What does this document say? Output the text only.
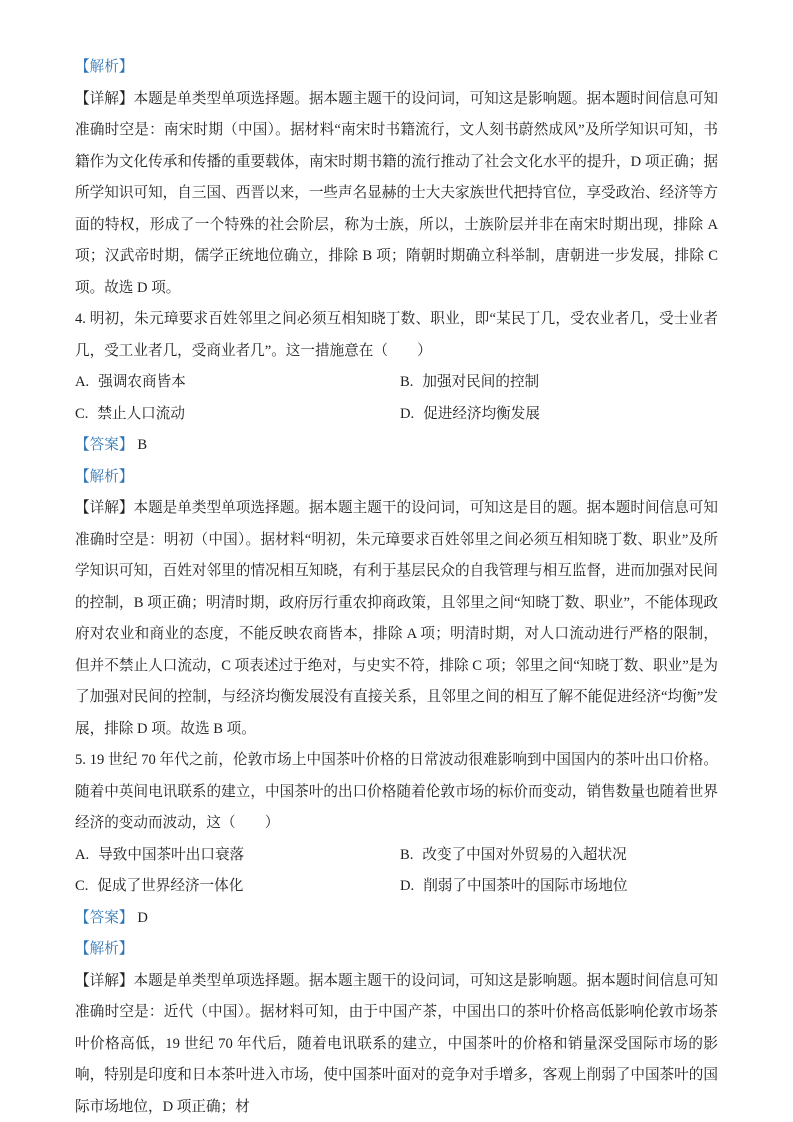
【解析】

【详解】本题是单类型单项选择题。据本题主题干的设问词，可知这是影响题。据本题时间信息可知准确时空是：南宋时期（中国）。据材料“南宋时书籍流行，文人刻书蔚然成风”及所学知识可知，书籍作为文化传承和传播的重要载体，南宋时期书籍的流行推动了社会文化水平的提升，D 项正确；据所学知识可知，自三国、西晋以来，一些声名显赫的士大夫家族世代把持官位，享受政治、经济等方面的特权，形成了一个特殊的社会阶层，称为士族，所以，士族阶层并非在南宋时期出现，排除 A 项；汉武帝时期，儒学正统地位确立，排除 B 项；隋朝时期确立科举制，唐朝进一步发展，排除 C 项。故选 D 项。

4. 明初，朱元璋要求百姓邻里之间必须互相知晓丁数、职业，即“某民丁几，受农业者几，受士业者几，受工业者几，受商业者几”。这一措施意在（　　）

A. 强调农商皆本	B. 加强对民间的控制
C. 禁止人口流动	D. 促进经济均衡发展

【答案】 B

【解析】

【详解】本题是单类型单项选择题。据本题主题干的设问词，可知这是目的题。据本题时间信息可知准确时空是：明初（中国）。据材料“明初，朱元璋要求百姓邻里之间必须互相知晓丁数、职业”及所学知识可知，百姓对邻里的情况相互知晓，有利于基层民众的自我管理与相互监督，进而加强对民间的控制，B 项正确；明清时期，政府厉行重农抑商政策，且邻里之间“知晓丁数、职业”，不能体现政府对农业和商业的态度，不能反映农商皆本，排除 A 项；明清时期，对人口流动进行严格的限制，但并不禁止人口流动，C 项表述过于绝对，与史实不符，排除 C 项；邻里之间“知晓丁数、职业”是为了加强对民间的控制，与经济均衡发展没有直接关系，且邻里之间的相互了解不能促进经济“均衡”发展，排除 D 项。故选 B 项。

5. 19 世纪 70 年代之前，伦敦市场上中国茶叶价格的日常波动很难影响到中国国内的茶叶出口价格。随着中英间电讯联系的建立，中国茶叶的出口价格随着伦敦市场的标价而变动，销售数量也随着世界经济的变动而波动，这（　　）

A. 导致中国茶叶出口衰落	B. 改变了中国对外贸易的入超状况
C. 促成了世界经济一体化	D. 削弱了中国茶叶的国际市场地位

【答案】 D

【解析】

【详解】本题是单类型单项选择题。据本题主题干的设问词，可知这是影响题。据本题时间信息可知准确时空是：近代（中国）。据材料可知，由于中国产茶，中国出口的茶叶价格高低影响伦敦市场茶叶价格高低，19 世纪 70 年代后，随着电讯联系的建立，中国茶叶的价格和销量深受国际市场的影响，特别是印度和日本茶叶进入市场，使中国茶叶面对的竞争对手增多，客观上削弱了中国茶叶的国际市场地位，D 项正确；材
